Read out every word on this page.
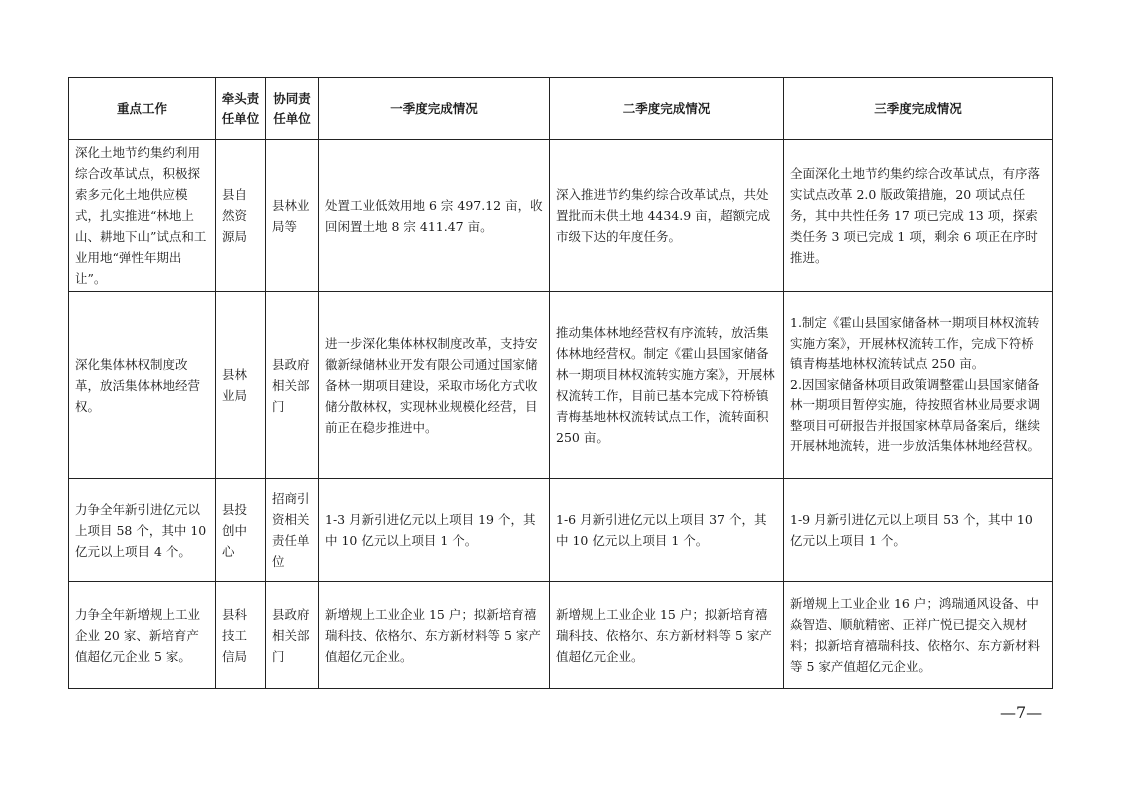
重点工作	牵头责任单位	协同责任单位	一季度完成情况	二季度完成情况	三季度完成情况
深化土地节约集约利用综合改革试点，积极探索多元化土地供应模式，扎实推进“林地上山、耕地下山”试点和工业用地“弹性年期出让”。	县自然资源局	县林业局等	处置工业低效用地 6 宗 497.12 亩，收回闲置土地 8 宗 411.47 亩。	深入推进节约集约综合改革试点，共处置批而未供土地 4434.9 亩，超额完成市级下达的年度任务。	全面深化土地节约集约综合改革试点，有序落实试点改革 2.0 版政策措施，20 项试点任务，其中共性任务 17 项已完成 13 项，探索类任务 3 项已完成 1 项，剩余 6 项正在序时推进。
深化集体林权制度改革，放活集体林地经营权。	县林业局	县政府相关部门	进一步深化集体林权制度改革，支持安徽新绿储林业开发有限公司通过国家储备林一期项目建设，采取市场化方式收储分散林权，实现林业规模化经营，目前正在稳步推进中。	推动集体林地经营权有序流转，放活集体林地经营权。制定《霍山县国家储备林一期项目林权流转实施方案》，开展林权流转工作，目前已基本完成下符桥镇青梅基地林权流转试点工作，流转面积 250 亩。	1.制定《霍山县国家储备林一期项目林权流转实施方案》，开展林权流转工作，完成下符桥镇青梅基地林权流转试点 250 亩。
2.因国家储备林项目政策调整霍山县国家储备林一期项目暂停实施，待按照省林业局要求调整项目可研报告并报国家林草局备案后，继续开展林地流转，进一步放活集体林地经营权。
力争全年新引进亿元以上项目 58 个，其中 10 亿元以上项目 4 个。	县投创中心	招商引资相关责任单位	1-3 月新引进亿元以上项目 19 个，其中 10 亿元以上项目 1 个。	1-6 月新引进亿元以上项目 37 个，其中 10 亿元以上项目 1 个。	1-9 月新引进亿元以上项目 53 个，其中 10 亿元以上项目 1 个。
力争全年新增规上工业企业 20 家、新培育产值超亿元企业 5 家。	县科技工信局	县政府相关部门	新增规上工业企业 15 户；拟新培育禧瑞科技、依格尔、东方新材料等 5 家产值超亿元企业。	新增规上工业企业 15 户；拟新培育禧瑞科技、依格尔、东方新材料等 5 家产值超亿元企业。	新增规上工业企业 16 户；鸿瑞通风设备、中焱智造、顺航精密、正祥广悦已提交入规材料；拟新培育禧瑞科技、依格尔、东方新材料等 5 家产值超亿元企业。
—7—
